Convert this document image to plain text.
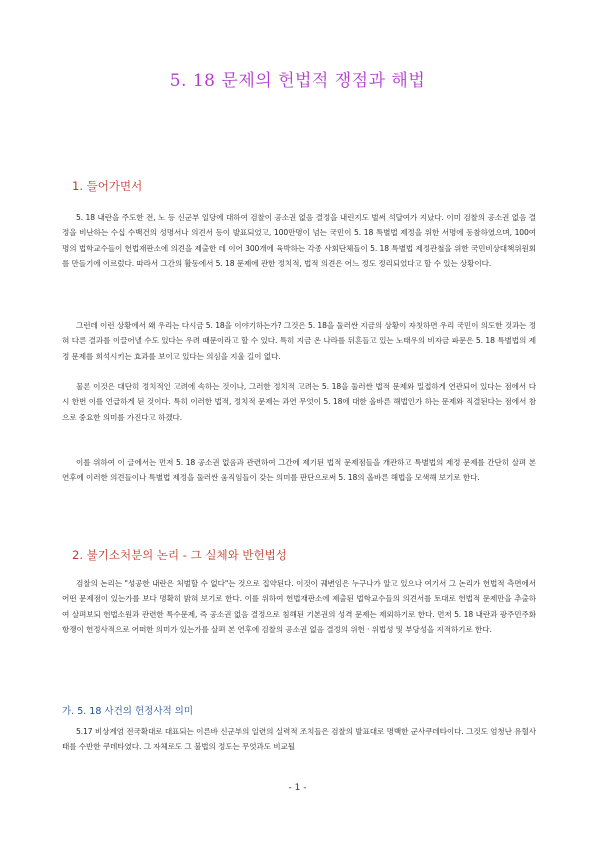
5. 18 문제의 헌법적 쟁점과 해법
1. 들어가면서
5. 18 내란을 주도한 전, 노 등 신군부 일당에 대하여 검찰이 공소권 없음 결정을 내린지도 벌써 석달여가 지났다. 이미 검찰의 공소권 없음 결정을 비난하는 수십 수백건의 성명서나 의견서 등이 발표되었고, 100만명이 넘는 국민이 5. 18 특별법 제정을 위한 서명에 동참하였으며, 100여명의 법학교수들이 헌법재판소에 의견을 제출한 데 이어 300개에 육박하는 각종 사회단체들이 5. 18 특별법 제정관철을 위한 국민비상대책위원회를 만들기에 이르렀다. 따라서 그간의 활동에서 5. 18 문제에 관한 정치적, 법적 의견은 어느 정도 정리되었다고 할 수 있는 상황이다.
그런데 이런 상황에서 왜 우리는 다시금 5. 18을 이야기하는가? 그것은 5. 18을 둘러싼 지금의 상황이 자칫하면 우리 국민이 의도한 것과는 정혀 다른 결과를 이끌어낼 수도 있다는 우려 때문이라고 할 수 있다. 특히 지금 온 나라를 뒤흔들고 있는 노태우의 비자금 파문은 5. 18 특별법의 제정 문제를 희석시키는 효과를 보이고 있다는 의심을 지울 길이 없다.
물론 이것은 대단히 정치적인 고려에 속하는 것이나, 그러한 정치적 고려는 5. 18을 둘러싼 법적 문제와 밀접하게 연관되어 있다는 점에서 다시 한번 이를 언급하게 된 것이다. 특히 이러한 법적, 정치적 문제는 과연 무엇이 5. 18에 대한 올바른 해법인가 하는 문제와 직결된다는 점에서 참으로 중요한 의미를 가진다고 하겠다.
이를 위하여 이 글에서는 먼저 5. 18 공소권 없음과 관련하여 그간에 제기된 법적 문제점들을 개관하고 특별법의 제정 문제를 간단히 살펴 본 연후에 이러한 의견들이나 특별법 제정을 둘러싼 움직임들이 갖는 의미를 판단으로써 5. 18의 올바른 해법을 모색해 보기로 한다.
2. 불기소처분의 논리 - 그 실체와 반헌법성
검찰의 논리는 "성공한 내란은 처벌할 수 없다"는 것으로 집약된다. 이것이 궤변임은 누구나가 알고 있으나 여기서 그 논리가 헌법적 측면에서 어떤 문제점이 있는가를 보다 명확히 밝혀 보기로 한다. 이를 위하여 헌법재판소에 제출된 법학교수들의 의견서를 토대로 헌법적 문제만을 추출하여 살펴보되 헌법소원과 관련한 특수문제, 즉 공소권 없음 결정으로 침해된 기본권의 성격 문제는 제외하기로 한다. 먼저 5. 18 내란과 광주민주화항쟁이 헌정사적으로 어떠한 의미가 있는가를 살펴 본 연후에 검찰의 공소권 없음 결정의 위헌 · 위법성 및 부당성을 지적하기로 한다.
가. 5. 18 사건의 헌정사적 의미
5.17 비상계엄 전국확대로 대표되는 이른바 신군부의 일련의 실력적 조치들은 검찰의 발표대로 명백한 군사쿠데타이다. 그것도 엄청난 유혈사태를 수반한 쿠데타였다. 그 자체로도 그 불법의 정도는 무엇과도 비교될
- 1 -
